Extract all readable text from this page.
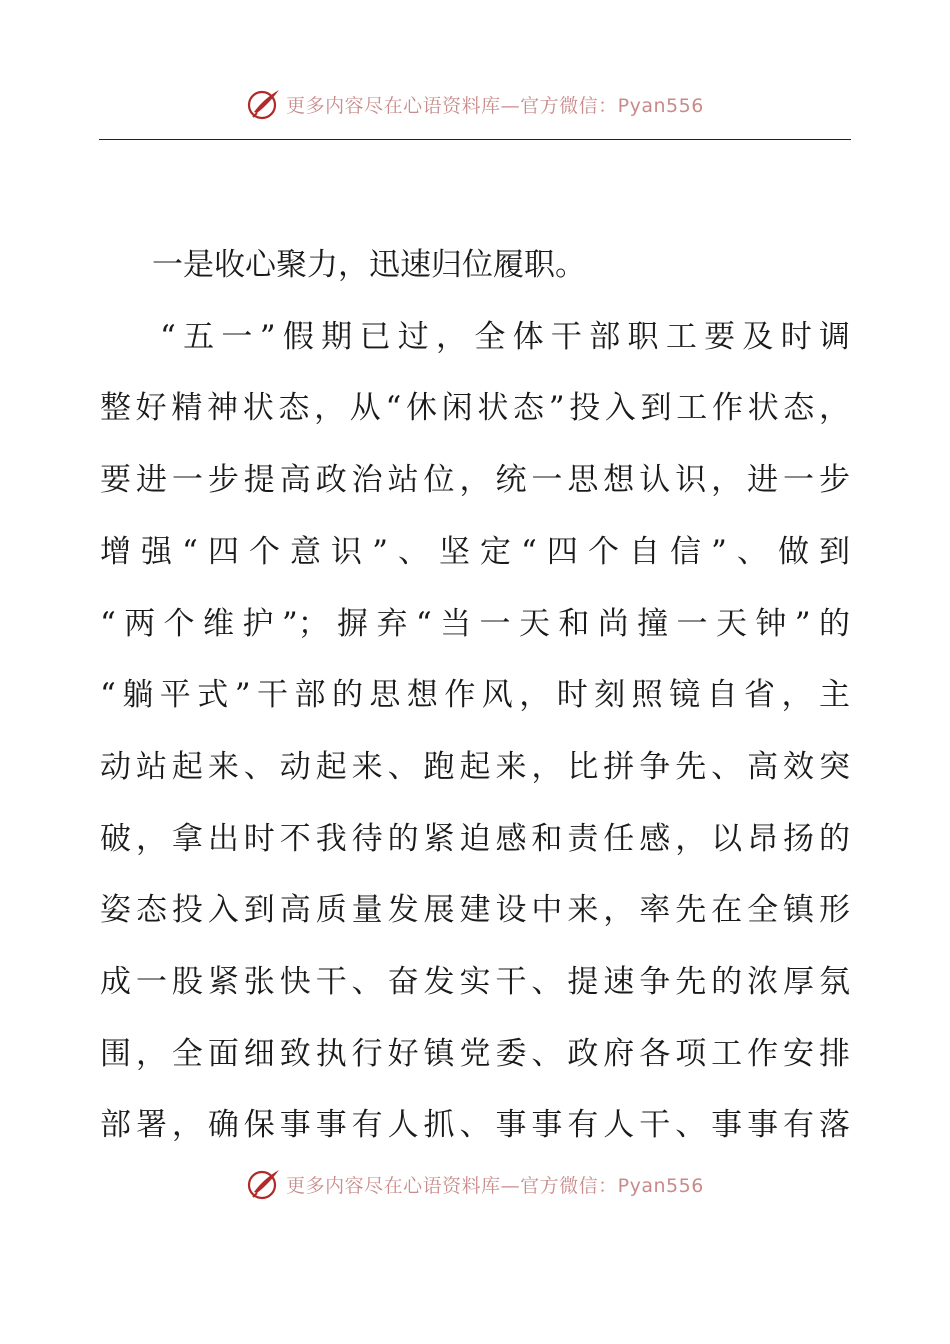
更多内容尽在心语资料库—官方微信：Pyan556
一是收心聚力，迅速归位履职。
“五一”假期已过，全体干部职工要及时调
整好精神状态，从“休闲状态”投入到工作状态，
要进一步提高政治站位，统一思想认识，进一步
增强“四个意识”、坚定“四个自信”、做到
“两个维护”；摒弃“当一天和尚撞一天钟”的
“躺平式”干部的思想作风，时刻照镜自省，主
动站起来、动起来、跑起来，比拼争先、高效突
破，拿出时不我待的紧迫感和责任感，以昂扬的
姿态投入到高质量发展建设中来，率先在全镇形
成一股紧张快干、奋发实干、提速争先的浓厚氛
围，全面细致执行好镇党委、政府各项工作安排
部署，确保事事有人抓、事事有人干、事事有落
更多内容尽在心语资料库—官方微信：Pyan556
